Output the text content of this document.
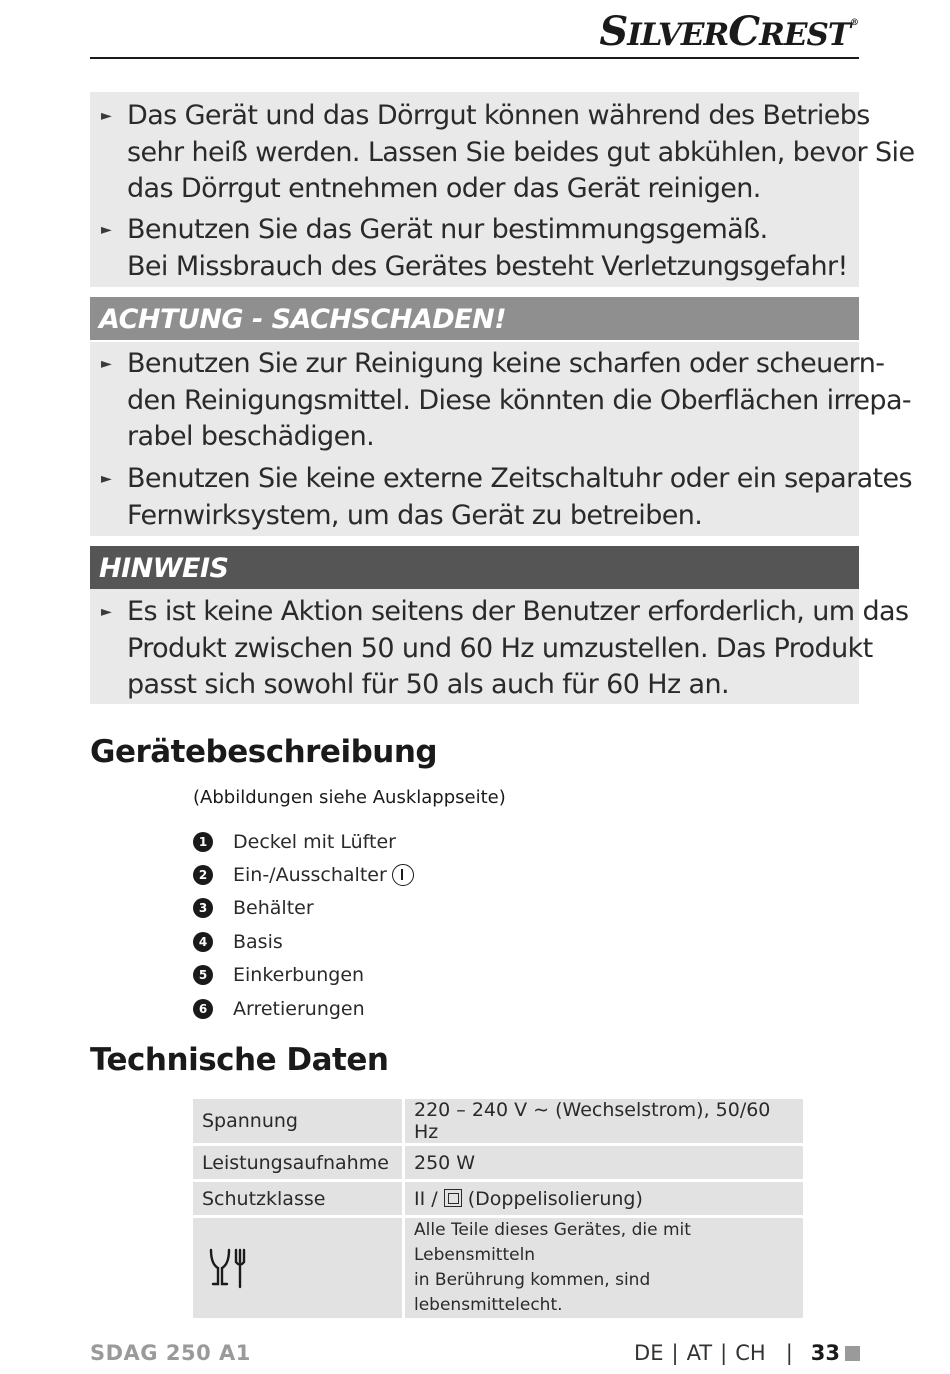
SILVERCREST®
► Das Gerät und das Dörrgut können während des Betriebs
sehr heiß werden. Lassen Sie beides gut abkühlen, bevor Sie
das Dörrgut entnehmen oder das Gerät reinigen.
► Benutzen Sie das Gerät nur bestimmungsgemäß.
Bei Missbrauch des Gerätes besteht Verletzungsgefahr!
ACHTUNG - SACHSCHADEN!
► Benutzen Sie zur Reinigung keine scharfen oder scheuern-
den Reinigungsmittel. Diese könnten die Oberflächen irrepa-
rabel beschädigen.
► Benutzen Sie keine externe Zeitschaltuhr oder ein separates
Fernwirksystem, um das Gerät zu betreiben.
HINWEIS
► Es ist keine Aktion seitens der Benutzer erforderlich, um das
Produkt zwischen 50 und 60 Hz umzustellen. Das Produkt
passt sich sowohl für 50 als auch für 60 Hz an.
Gerätebeschreibung
(Abbildungen siehe Ausklappseite)
1	Deckel mit Lüfter
2	Ein-/Ausschalter
3	Behälter
4	Basis
5	Einkerbungen
6	Arretierungen
Technische Daten
Spannung	220 – 240 V ∼ (Wechselstrom), 50/60 Hz
Leistungsaufnahme	250 W
Schutzklasse	II /  (Doppelisolierung)

	Alle Teile dieses Gerätes, die mit Lebensmitteln
in Berührung kommen, sind lebensmittelecht.
SDAG 250 A1	DE | AT | CH | 33
